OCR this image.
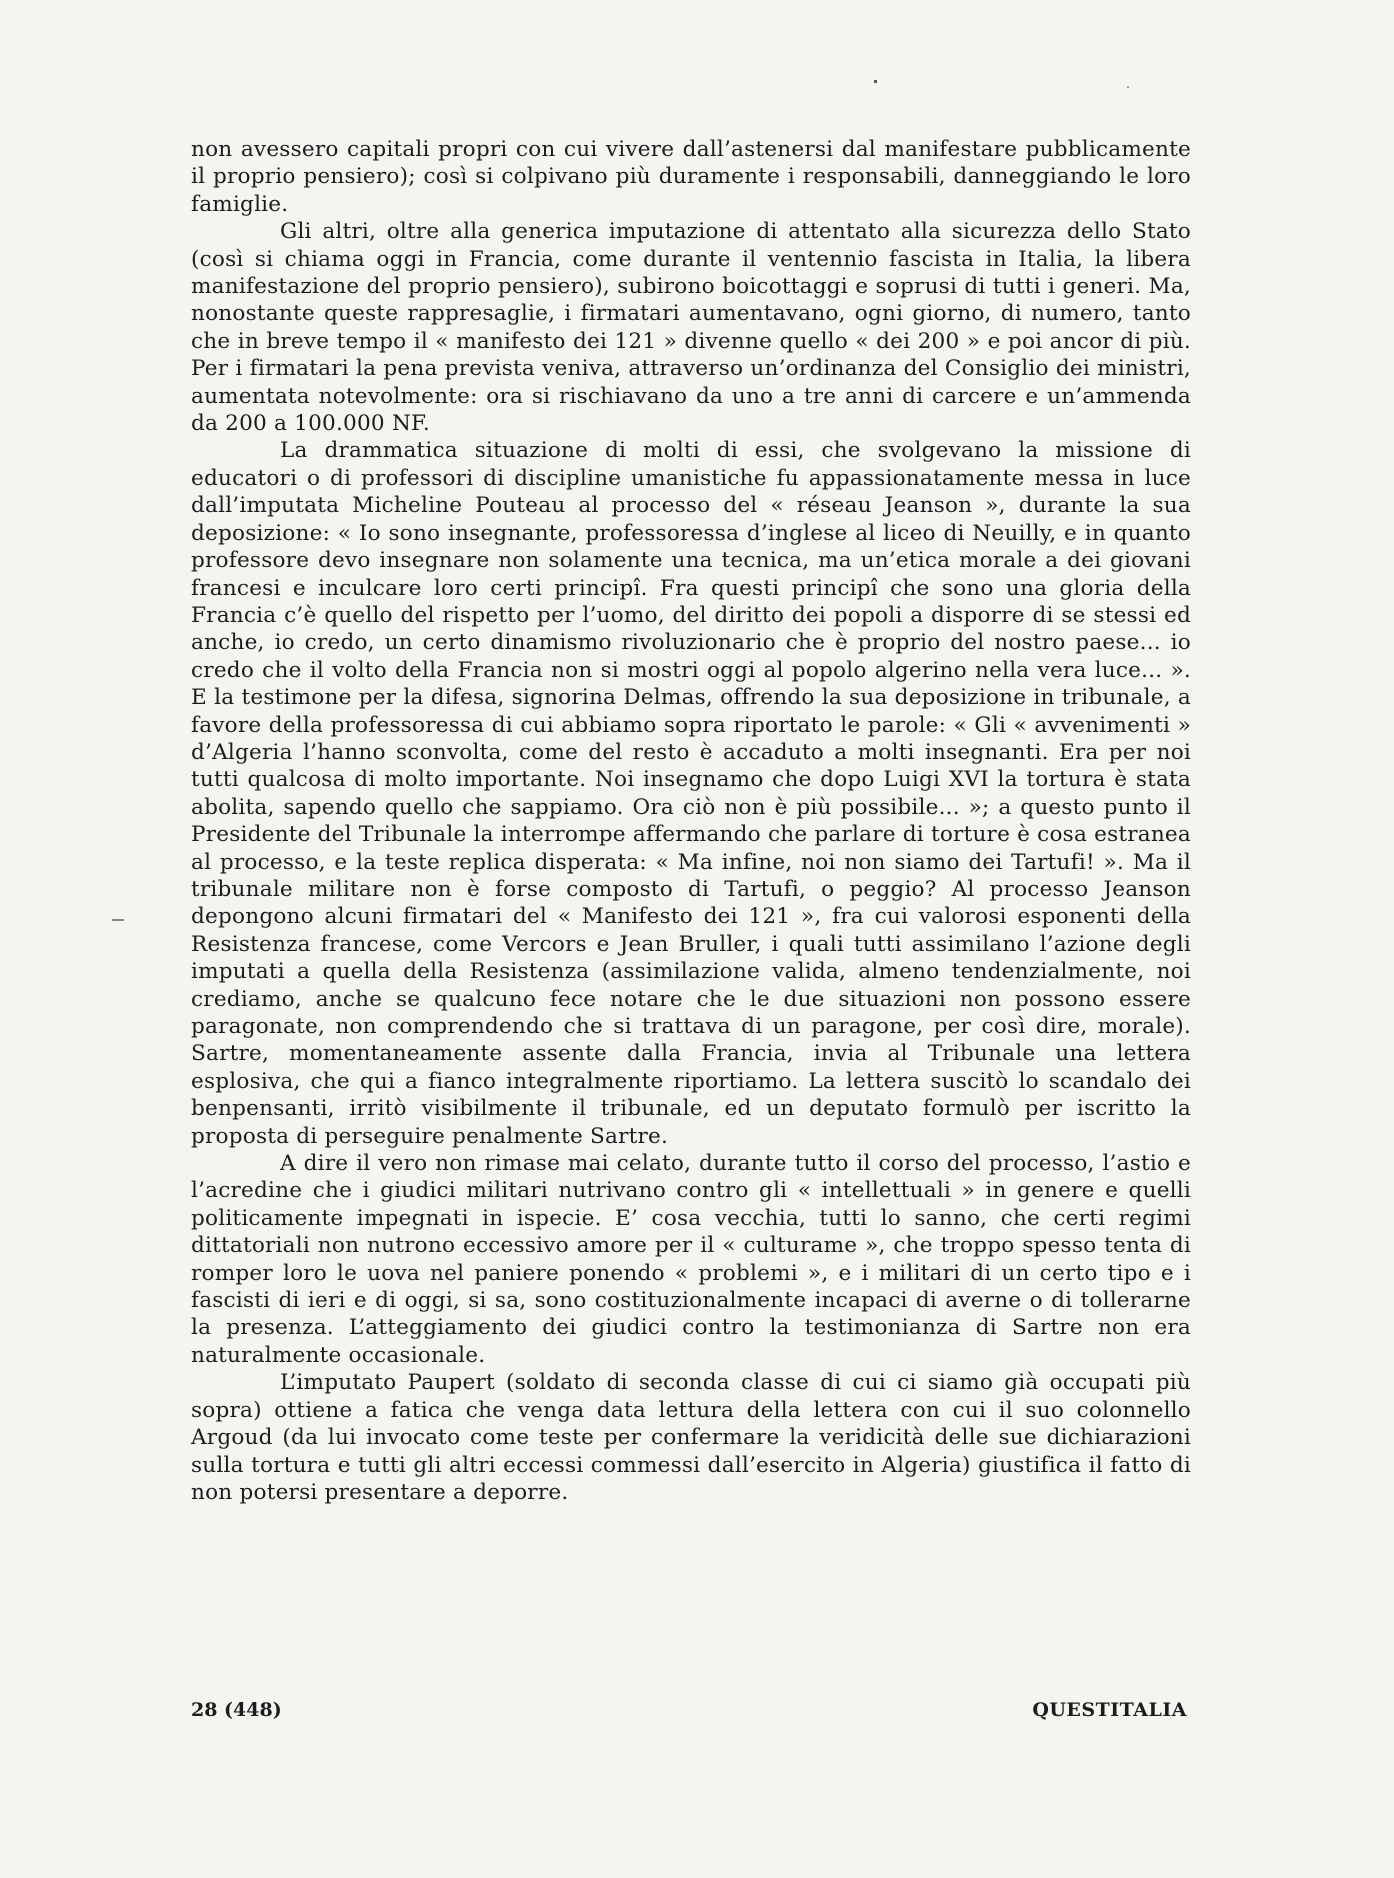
non avessero capitali propri con cui vivere dall’astenersi dal manifestare pubblicamente il proprio pensiero); così si colpivano più duramente i responsabili, danneggiando le loro famiglie.

Gli altri, oltre alla generica imputazione di attentato alla sicurezza dello Stato (così si chiama oggi in Francia, come durante il ventennio fascista in Italia, la libera manifestazione del proprio pensiero), subirono boicottaggi e soprusi di tutti i generi. Ma, nonostante queste rappresaglie, i firmatari aumentavano, ogni giorno, di numero, tanto che in breve tempo il « manifesto dei 121 » divenne quello « dei 200 » e poi ancor di più. Per i firmatari la pena prevista veniva, attraverso un’ordinanza del Consiglio dei ministri, aumentata notevolmente: ora si rischiavano da uno a tre anni di carcere e un’ammenda da 200 a 100.000 NF.

La drammatica situazione di molti di essi, che svolgevano la missione di educatori o di professori di discipline umanistiche fu appassionatamente messa in luce dall’imputata Micheline Pouteau al processo del « réseau Jeanson », durante la sua deposizione: « Io sono insegnante, professoressa d’inglese al liceo di Neuilly, e in quanto professore devo insegnare non solamente una tecnica, ma un’etica morale a dei giovani francesi e inculcare loro certi principî. Fra questi principî che sono una gloria della Francia c’è quello del rispetto per l’uomo, del diritto dei popoli a disporre di se stessi ed anche, io credo, un certo dinamismo rivoluzionario che è proprio del nostro paese... io credo che il volto della Francia non si mostri oggi al popolo algerino nella vera luce... ». E la testimone per la difesa, signorina Delmas, offrendo la sua deposizione in tribunale, a favore della professoressa di cui abbiamo sopra riportato le parole: « Gli « avvenimenti » d’Algeria l’hanno sconvolta, come del resto è accaduto a molti insegnanti. Era per noi tutti qualcosa di molto importante. Noi insegnamo che dopo Luigi XVI la tortura è stata abolita, sapendo quello che sappiamo. Ora ciò non è più possibile... »; a questo punto il Presidente del Tribunale la interrompe affermando che parlare di torture è cosa estranea al processo, e la teste replica disperata: « Ma infine, noi non siamo dei Tartufi! ». Ma il tribunale militare non è forse composto di Tartufi, o peggio? Al processo Jeanson depongono alcuni firmatari del « Manifesto dei 121 », fra cui valorosi esponenti della Resistenza francese, come Vercors e Jean Bruller, i quali tutti assimilano l’azione degli imputati a quella della Resistenza (assimilazione valida, almeno tendenzialmente, noi crediamo, anche se qualcuno fece notare che le due situazioni non possono essere paragonate, non comprendendo che si trattava di un paragone, per così dire, morale). Sartre, momentaneamente assente dalla Francia, invia al Tribunale una lettera esplosiva, che qui a fianco integralmente riportiamo. La lettera suscitò lo scandalo dei benpensanti, irritò visibilmente il tribunale, ed un deputato formulò per iscritto la proposta di perseguire penalmente Sartre.

A dire il vero non rimase mai celato, durante tutto il corso del processo, l’astio e l’acredine che i giudici militari nutrivano contro gli « intellettuali » in genere e quelli politicamente impegnati in ispecie. E’ cosa vecchia, tutti lo sanno, che certi regimi dittatoriali non nutrono eccessivo amore per il « culturame », che troppo spesso tenta di romper loro le uova nel paniere ponendo « problemi », e i militari di un certo tipo e i fascisti di ieri e di oggi, si sa, sono costituzionalmente incapaci di averne o di tollerarne la presenza. L’atteggiamento dei giudici contro la testimonianza di Sartre non era naturalmente occasionale.

L’imputato Paupert (soldato di seconda classe di cui ci siamo già occupati più sopra) ottiene a fatica che venga data lettura della lettera con cui il suo colonnello Argoud (da lui invocato come teste per confermare la veridicità delle sue dichiarazioni sulla tortura e tutti gli altri eccessi commessi dall’esercito in Algeria) giustifica il fatto di non potersi presentare a deporre.

28 (448)	QUESTITALIA
